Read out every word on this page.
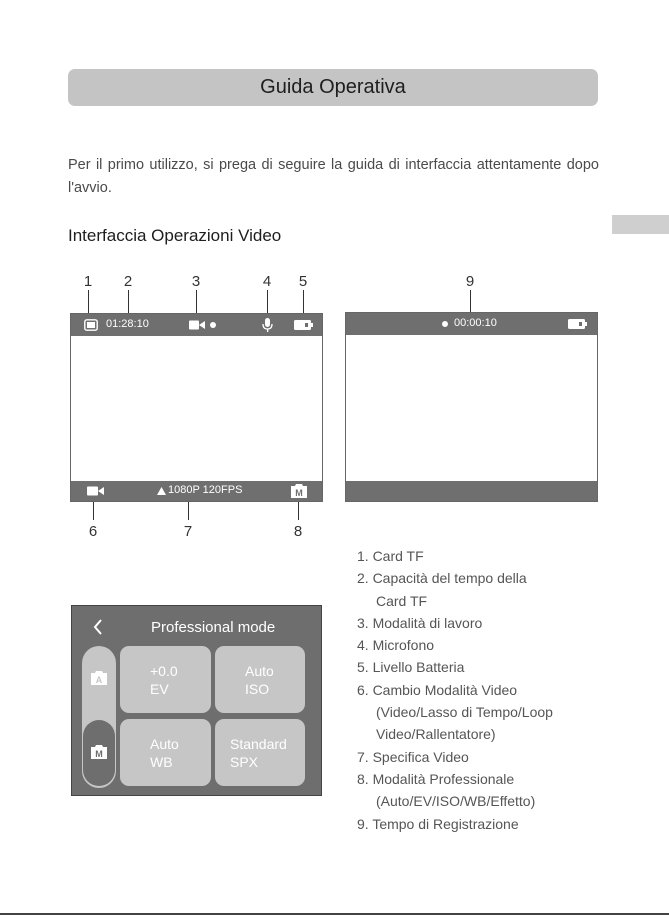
Guida Operativa

Per il primo utilizzo, si prega di seguire la guida di interfaccia attentamente dopo l'avvio.

Interfaccia Operazioni Video
1	2	3	4	5	9
01:28:10
1080P 120FPS	M
00:00:10
6	7	8
1. Card TF
2. Capacità del tempo della
Card TF
3. Modalità di lavoro
4. Microfono
5. Livello Batteria
6. Cambio Modalità Video
(Video/Lasso di Tempo/Loop
Video/Rallentatore)
7. Specifica Video
8. Modalità Professionale
(Auto/EV/ISO/WB/Effetto)
9. Tempo di Registrazione
Professional mode
A
M
+0.0
EV
Auto
ISO
Auto
WB
Standard
SPX
